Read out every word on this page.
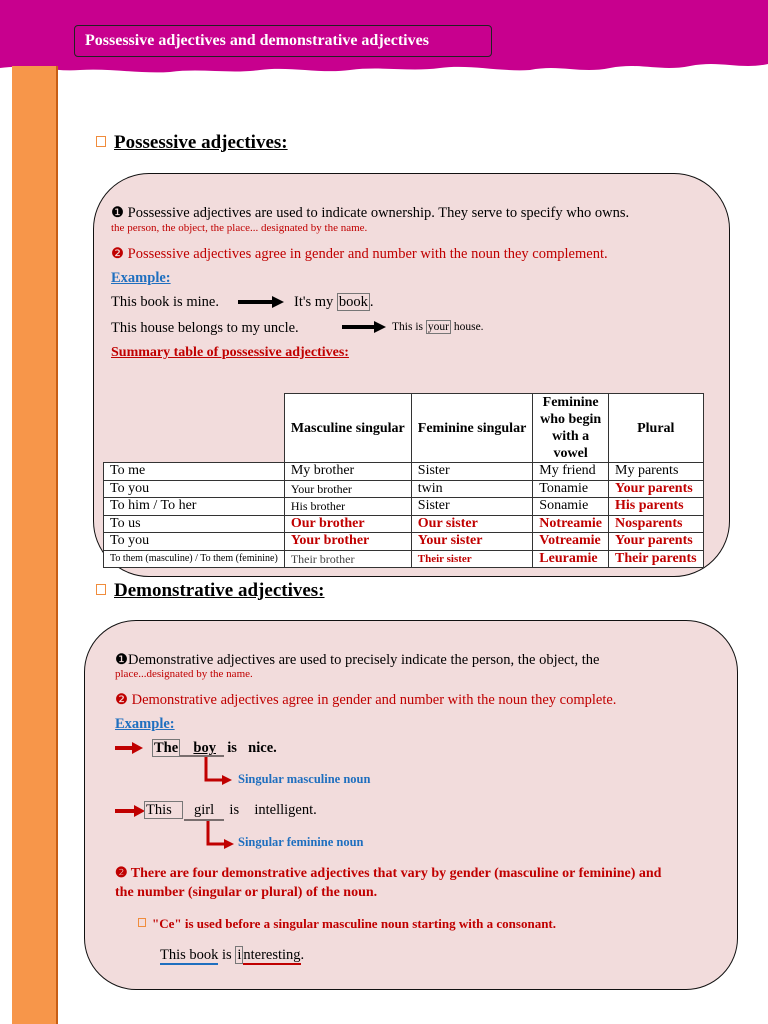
Possessive adjectives and demonstrative adjectives
Possessive adjectives:
❶ Possessive adjectives are used to indicate ownership. They serve to specify who owns.
the person, the object, the place... designated by the name.
❷ Possessive adjectives agree in gender and number with the noun they complement.
Example:
This book is mine.	It's my book .
This house belongs to my uncle.	This is your house.
Summary table of possessive adjectives:
	Masculine singular	Feminine singular	Feminine who begin with a vowel	Plural
To me	My brother	Sister	My friend	My parents
To you	Your brother	twin	Tonamie	Your parents
To him / To her	His brother	Sister	Sonamie	His parents
To us	Our brother	Our sister	Notreamie	Nosparents
To you	Your brother	Your sister	Votreamie	Your parents
To them (masculine) / To them (feminine)	Their brother	Their sister	Leuramie	Their parents
Demonstrative adjectives:
❶Demonstrative adjectives are used to precisely indicate the person, the object, the
place...designated by the name.
❷ Demonstrative adjectives agree in gender and number with the noun they complete.
Example:
The boy is nice.
Singular masculine noun
This girl is intelligent.
Singular feminine noun
❷ There are four demonstrative adjectives that vary by gender (masculine or feminine) and
the number (singular or plural) of the noun.
"Ce" is used before a singular masculine noun starting with a consonant.
This book is i nteresting.
